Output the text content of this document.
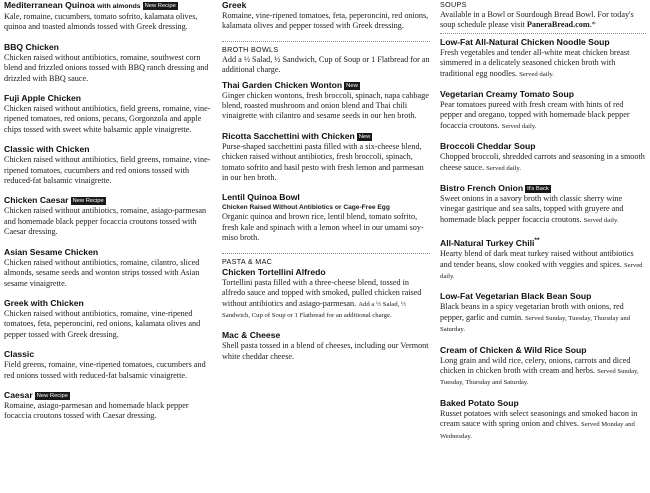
Mediterranean Quinoa with almonds New Recipe
Kale, romaine, cucumbers, tomato sofrito, kalamata olives, quinoa and toasted almonds tossed with Greek dressing.
BBQ Chicken
Chicken raised without antibiotics, romaine, southwest corn blend and frizzled onions tossed with BBQ ranch dressing and drizzled with BBQ sauce.
Fuji Apple Chicken
Chicken raised without antibiotics, field greens, romaine, vine-ripened tomatoes, red onions, pecans, Gorgonzola and apple chips tossed with sweet white balsamic apple vinaigrette.
Classic with Chicken
Chicken raised without antibiotics, field greens, romaine, vine-ripened tomatoes, cucumbers and red onions tossed with reduced-fat balsamic vinaigrette.
Chicken Caesar New Recipe
Chicken raised without antibiotics, romaine, asiago-parmesan and homemade black pepper focaccia croutons tossed with Caesar dressing.
Asian Sesame Chicken
Chicken raised without antibiotics, romaine, cilantro, sliced almonds, sesame seeds and wonton strips tossed with Asian sesame vinaigrette.
Greek with Chicken
Chicken raised without antibiotics, romaine, vine-ripened tomatoes, feta, peperoncini, red onions, kalamata olives and pepper tossed with Greek dressing.
Classic
Field greens, romaine, vine-ripened tomatoes, cucumbers and red onions tossed with reduced-fat balsamic vinaigrette.
Caesar New Recipe
Romaine, asiago-parmesan and homemade black pepper focaccia croutons tossed with Caesar dressing.
Greek
Romaine, vine-ripened tomatoes, feta, peperoncini, red onions, kalamata olives and pepper tossed with Greek dressing.
BROTH BOWLS
Add a ½ Salad, ½ Sandwich, Cup of Soup or 1 Flatbread for an additional charge.
Thai Garden Chicken Wonton New
Ginger chicken wontons, fresh broccoli, spinach, napa cabbage blend, roasted mushroom and onion blend and Thai chili vinaigrette with cilantro and sesame seeds in our hen broth.
Ricotta Sacchettini with Chicken New
Purse-shaped sacchettini pasta filled with a six-cheese blend, chicken raised without antibiotics, fresh broccoli, spinach, tomato sofrito and basil pesto with fresh lemon and parmesan in our hen broth.
Lentil Quinoa Bowl
Chicken Raised Without Antibiotics or Cage-Free Egg
Organic quinoa and brown rice, lentil blend, tomato sofrito, fresh kale and spinach with a lemon wheel in our umami soy-miso broth.
PASTA & MAC
Chicken Tortellini Alfredo
Tortellini pasta filled with a three-cheese blend, tossed in alfredo sauce and topped with smoked, pulled chicken raised without antibiotics and asiago-parmesan. Add a ½ Salad, ½ Sandwich, Cup of Soup or 1 Flatbread for an additional charge.
Mac & Cheese
Shell pasta tossed in a blend of cheeses, including our Vermont white cheddar cheese.
SOUPS
Available in a Bowl or Sourdough Bread Bowl. For today's soup schedule please visit PaneraBread.com.*
Low-Fat All-Natural Chicken Noodle Soup
Fresh vegetables and tender all-white meat chicken breast simmered in a delicately seasoned chicken broth with traditional egg noodles. Served daily.
Vegetarian Creamy Tomato Soup
Pear tomatoes pureed with fresh cream with hints of red pepper and oregano, topped with homemade black pepper focaccia croutons. Served daily.
Broccoli Cheddar Soup
Chopped broccoli, shredded carrots and seasoning in a smooth cheese sauce. Served daily.
Bistro French Onion It's Back
Sweet onions in a savory broth with classic sherry wine vinegar gastrique and sea salts, topped with gruyere and homemade black pepper focaccia croutons. Served daily.
All-Natural Turkey Chili**
Hearty blend of dark meat turkey raised without antibiotics and tender beans, slow cooked with veggies and spices. Served daily.
Low-Fat Vegetarian Black Bean Soup
Black beans in a spicy vegetarian broth with onions, red pepper, garlic and cumin. Served Sunday, Tuesday, Thursday and Saturday.
Cream of Chicken & Wild Rice Soup
Long grain and wild rice, celery, onions, carrots and diced chicken in chicken broth with cream and herbs. Served Sunday, Tuesday, Thursday and Saturday.
Baked Potato Soup
Russet potatoes with select seasonings and smoked bacon in cream sauce with spring onion and chives. Served Monday and Wednesday.
